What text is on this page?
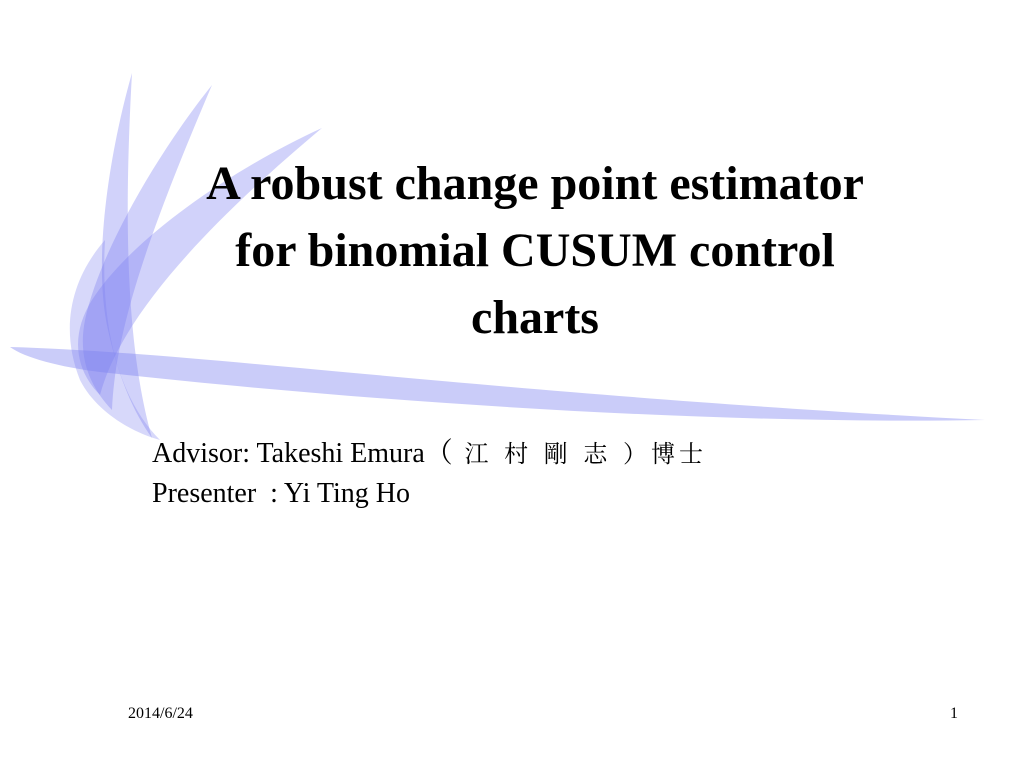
A robust change point estimator
for binomial CUSUM control
charts
Advisor: Takeshi Emura（ 江 村 剛 志 ）博士
Presenter  : Yi Ting Ho
2014/6/24	1
